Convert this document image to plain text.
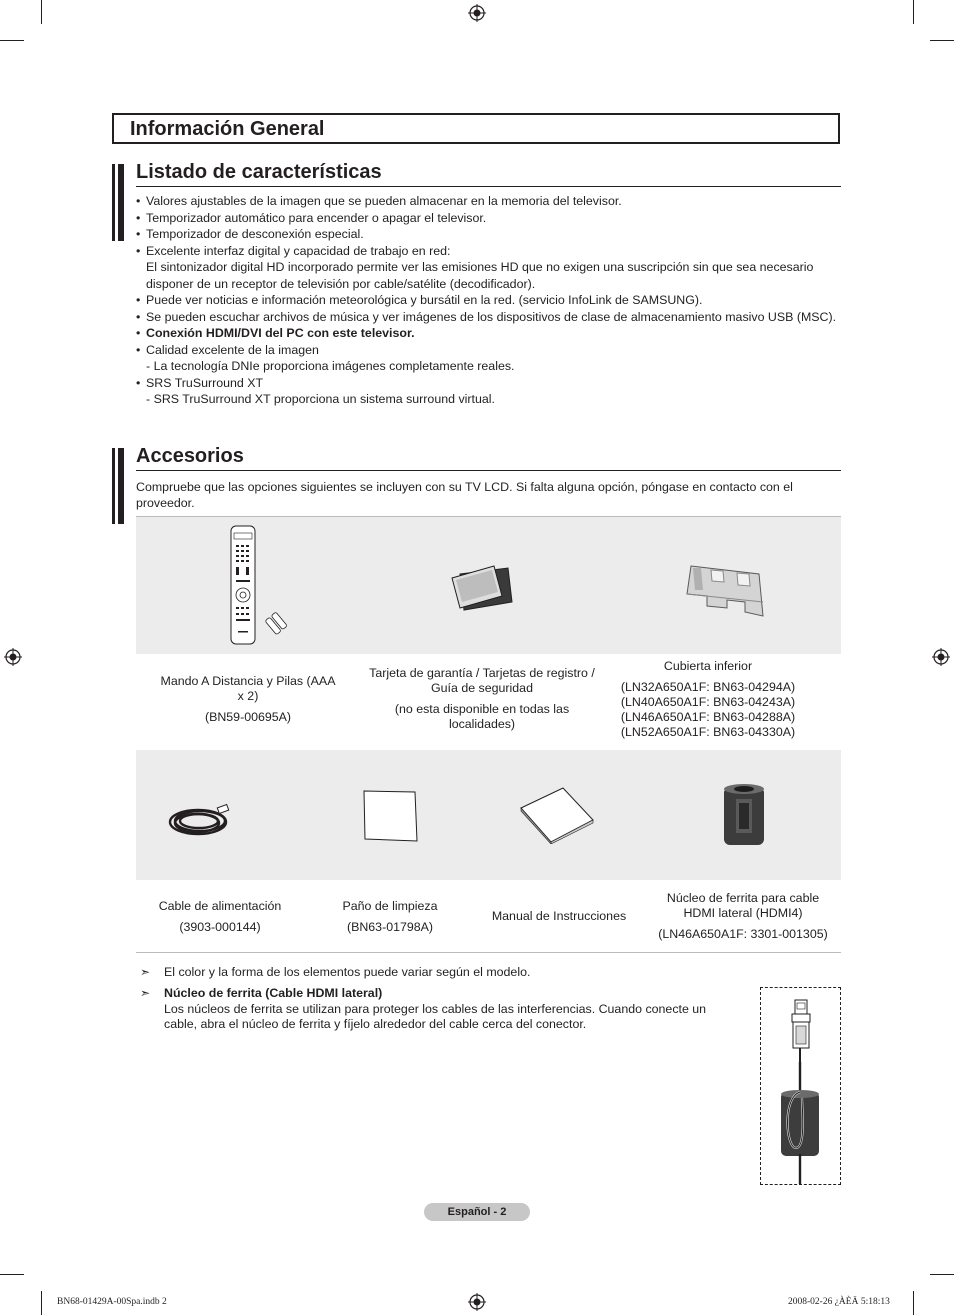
Información General
Listado de características
• Valores ajustables de la imagen que se pueden almacenar en la memoria del televisor.
• Temporizador automático para encender o apagar el televisor.
• Temporizador de desconexión especial.
• Excelente interfaz digital y capacidad de trabajo en red:
El sintonizador digital HD incorporado permite ver las emisiones HD que no exigen una suscripción sin que sea necesario disponer de un receptor de televisión por cable/satélite (decodificador).
• Puede ver noticias e información meteorológica y bursátil en la red. (servicio InfoLink de SAMSUNG).
• Se pueden escuchar archivos de música y ver imágenes de los dispositivos de clase de almacenamiento masivo USB (MSC).
• Conexión HDMI/DVI del PC con este televisor.
• Calidad excelente de la imagen
- La tecnología DNIe proporciona imágenes completamente reales.
• SRS TruSurround XT
- SRS TruSurround XT proporciona un sistema surround virtual.
Accesorios
Compruebe que las opciones siguientes se incluyen con su TV LCD. Si falta alguna opción, póngase en contacto con el proveedor.

Mando A Distancia y Pilas (AAA x 2)

(BN59-00695A)

Tarjeta de garantía / Tarjetas de registro / Guía de seguridad

(no esta disponible en todas las localidades)

Cubierta inferior

(LN32A650A1F: BN63-04294A)

(LN40A650A1F: BN63-04243A)

(LN46A650A1F: BN63-04288A)

(LN52A650A1F: BN63-04330A)

Cable de alimentación

(3903-000144)

Paño de limpieza

(BN63-01798A)

Manual de Instrucciones

Núcleo de ferrita para cable HDMI lateral (HDMI4)

(LN46A650A1F: 3301-001305)

➣ El color y la forma de los elementos puede variar según el modelo.
➣ Núcleo de ferrita (Cable HDMI lateral)
Los núcleos de ferrita se utilizan para proteger los cables de las interferencias. Cuando conecte un cable, abra el núcleo de ferrita y fíjelo alrededor del cable cerca del conector.
Español - 2
BN68-01429A-00Spa.indb 2	2008-02-26 ¿ÀÈÄ 5:18:13
